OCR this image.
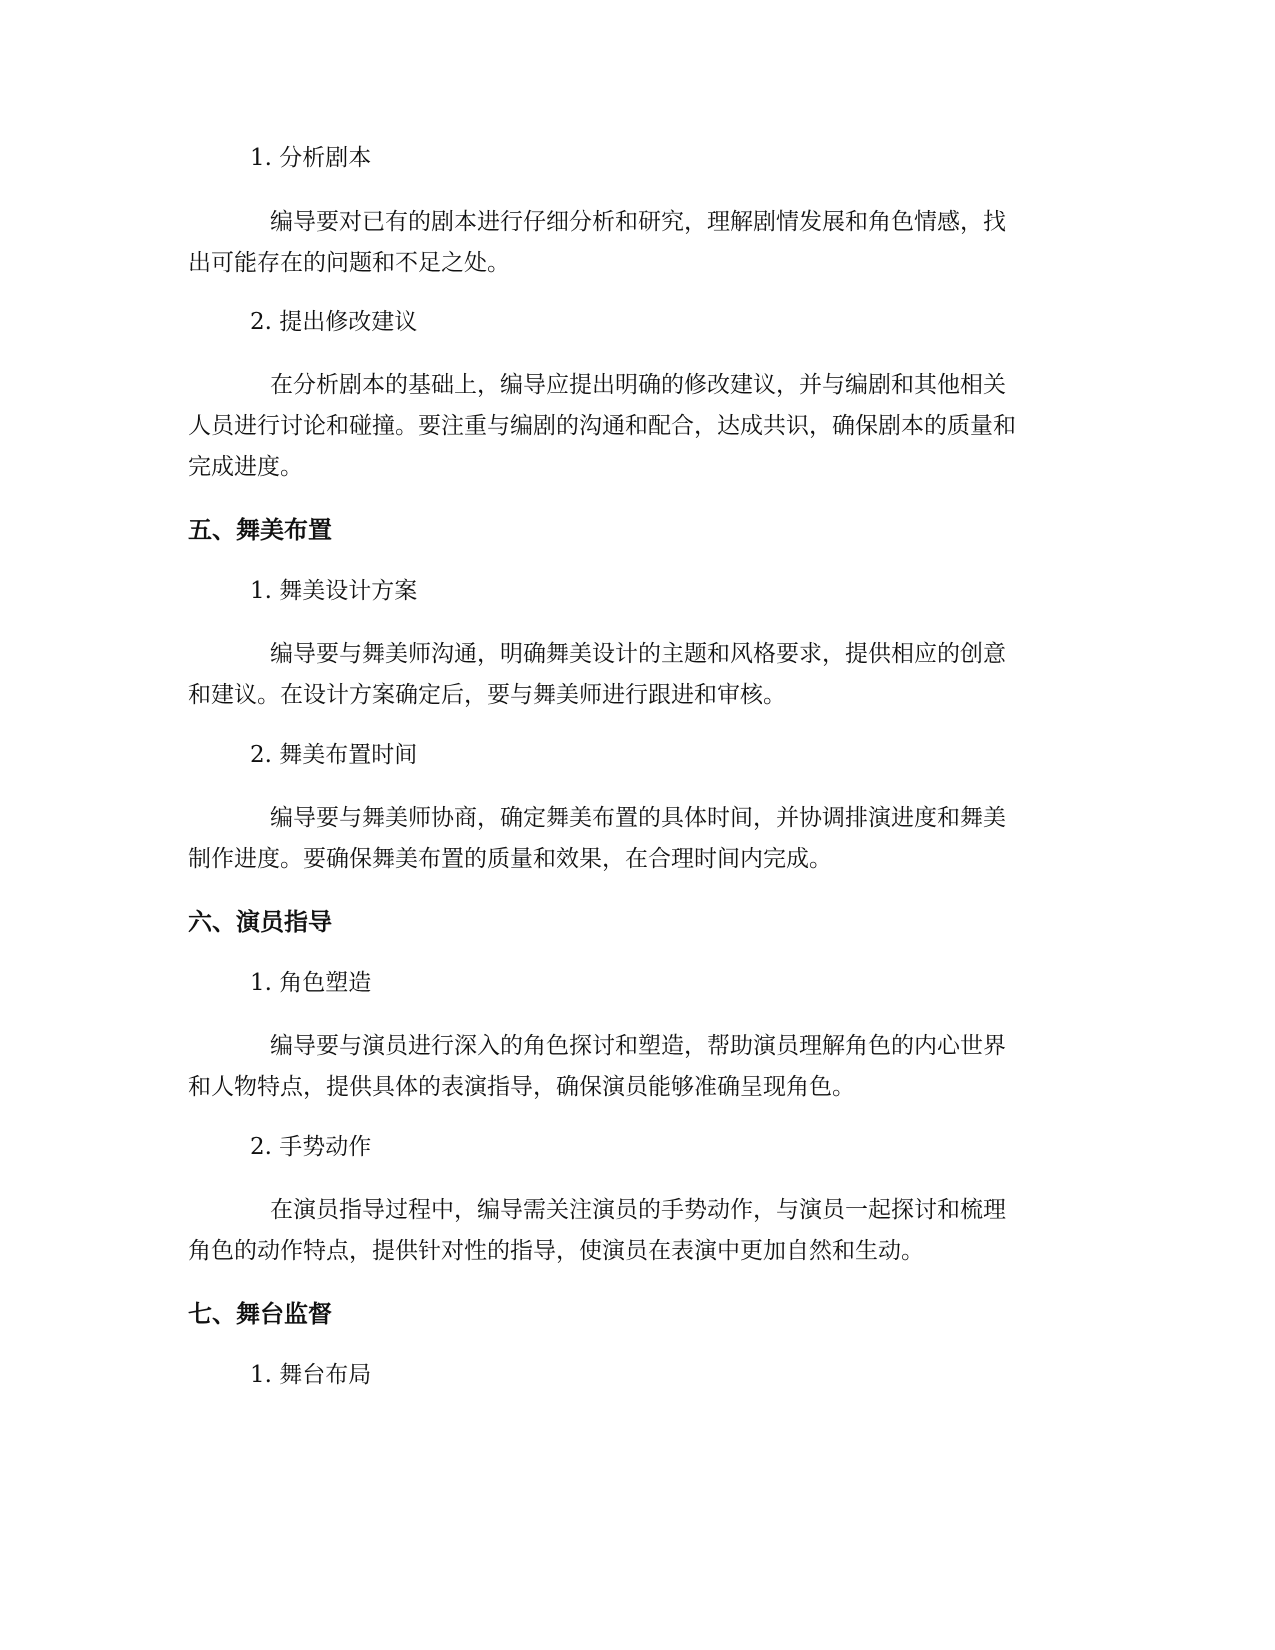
1. 分析剧本
编导要对已有的剧本进行仔细分析和研究，理解剧情发展和角色情感，找
出可能存在的问题和不足之处。
2. 提出修改建议
在分析剧本的基础上，编导应提出明确的修改建议，并与编剧和其他相关
人员进行讨论和碰撞。要注重与编剧的沟通和配合，达成共识，确保剧本的质量和
完成进度。
五、舞美布置
1. 舞美设计方案
编导要与舞美师沟通，明确舞美设计的主题和风格要求，提供相应的创意
和建议。在设计方案确定后，要与舞美师进行跟进和审核。
2. 舞美布置时间
编导要与舞美师协商，确定舞美布置的具体时间，并协调排演进度和舞美
制作进度。要确保舞美布置的质量和效果，在合理时间内完成。
六、演员指导
1. 角色塑造
编导要与演员进行深入的角色探讨和塑造，帮助演员理解角色的内心世界
和人物特点，提供具体的表演指导，确保演员能够准确呈现角色。
2. 手势动作
在演员指导过程中，编导需关注演员的手势动作，与演员一起探讨和梳理
角色的动作特点，提供针对性的指导，使演员在表演中更加自然和生动。
七、舞台监督
1. 舞台布局
